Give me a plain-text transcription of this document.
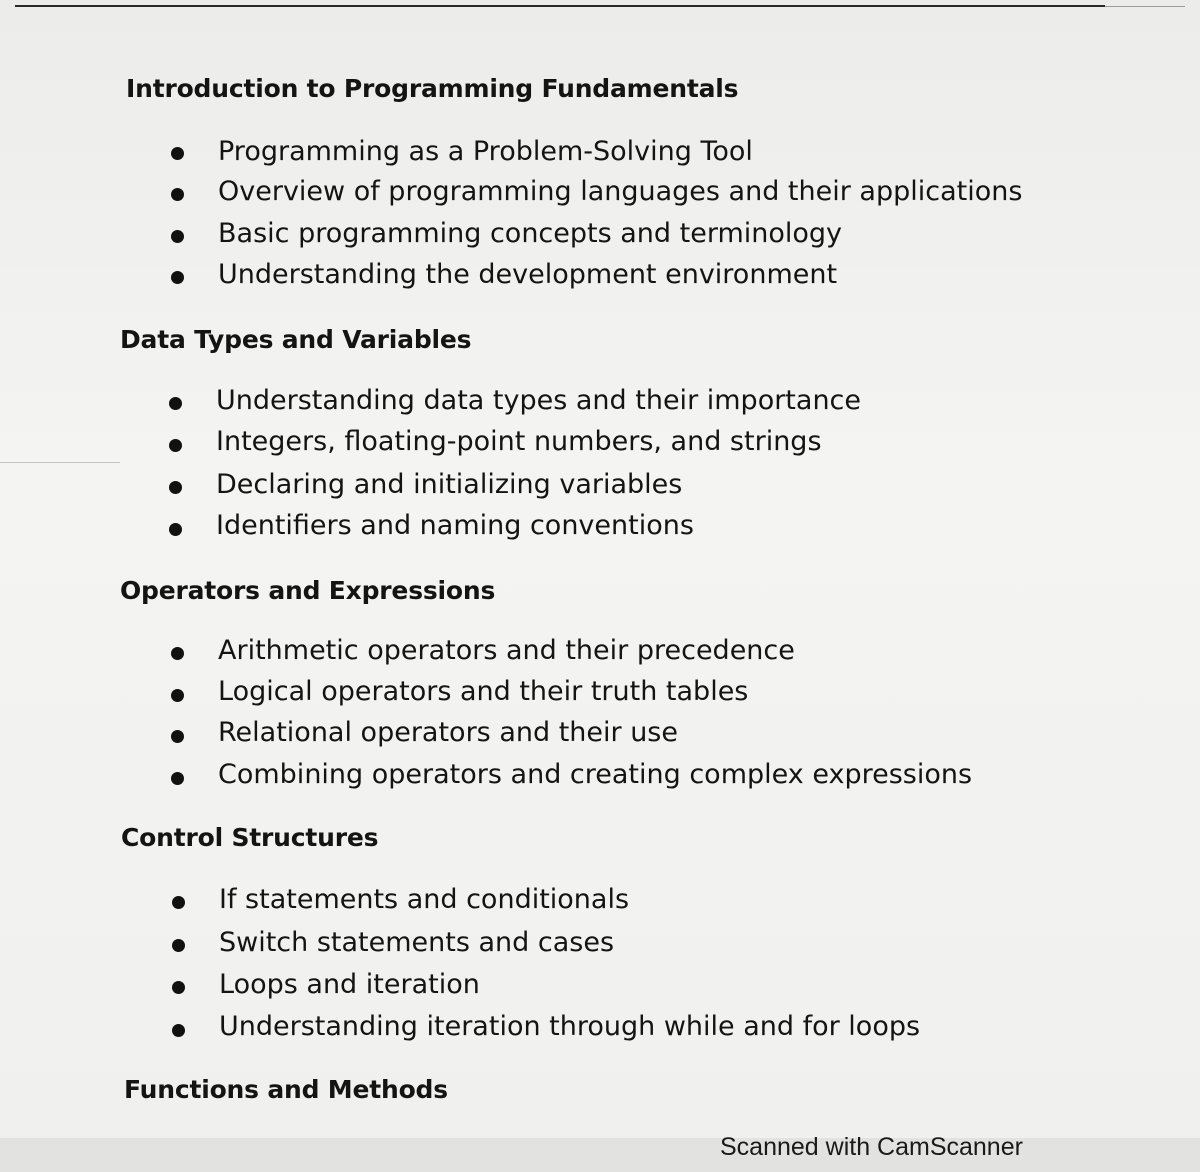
Introduction to Programming Fundamentals
Programming as a Problem-Solving Tool
Overview of programming languages and their applications
Basic programming concepts and terminology
Understanding the development environment
Data Types and Variables
Understanding data types and their importance
Integers, floating-point numbers, and strings
Declaring and initializing variables
Identifiers and naming conventions
Operators and Expressions
Arithmetic operators and their precedence
Logical operators and their truth tables
Relational operators and their use
Combining operators and creating complex expressions
Control Structures
If statements and conditionals
Switch statements and cases
Loops and iteration
Understanding iteration through while and for loops
Functions and Methods
Scanned with CamScanner
